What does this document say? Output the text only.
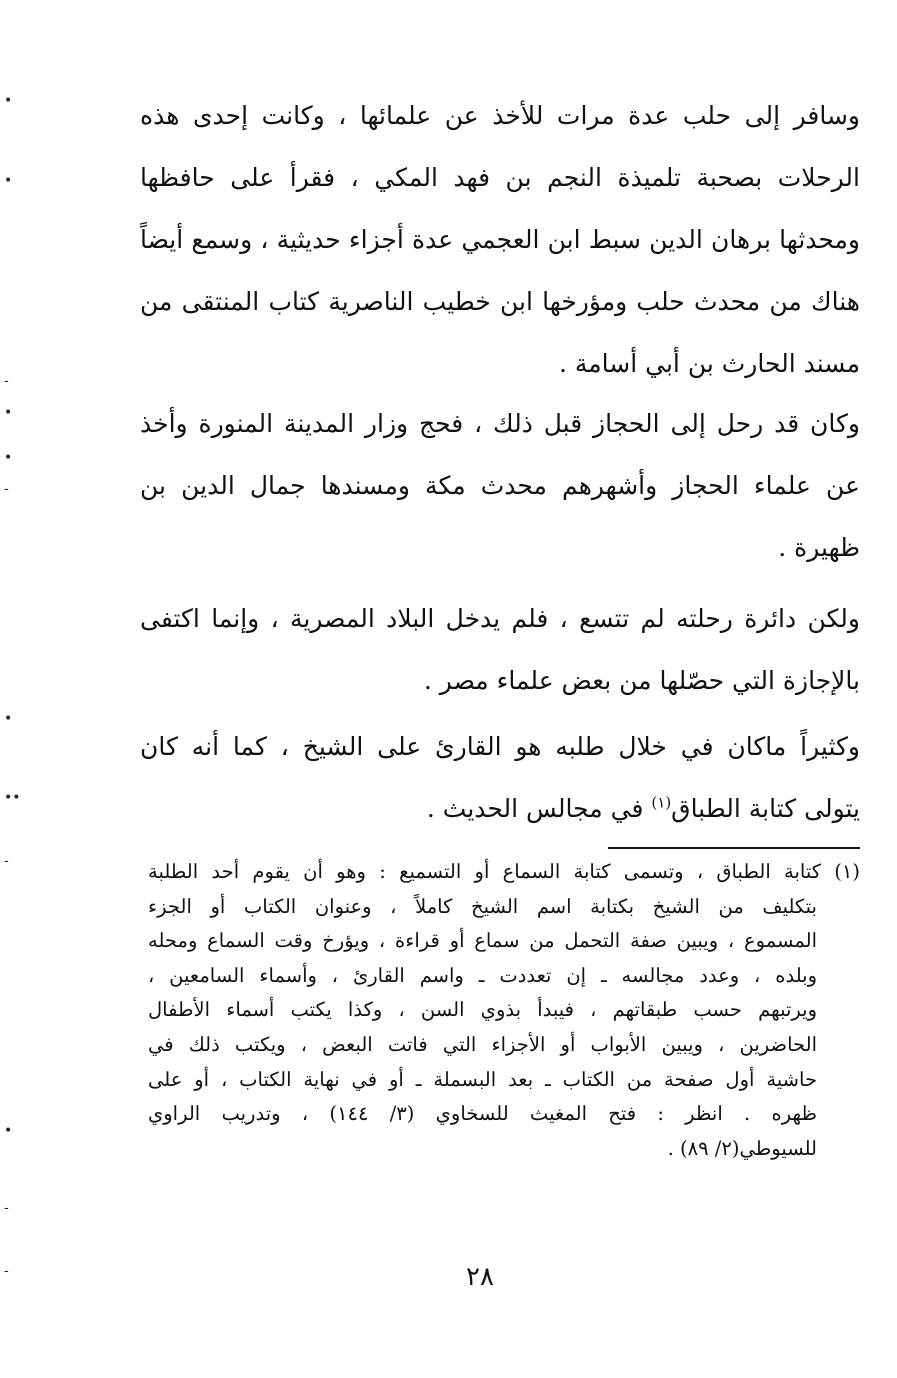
وسافر إلى حلب عدة مرات للأخذ عن علمائها ، وكانت إحدى هذه
الرحلات بصحبة تلميذة النجم بن فهد المكي ، فقرأ على حافظها
ومحدثها برهان الدين سبط ابن العجمي عدة أجزاء حديثية ، وسمع أيضاً
هناك من محدث حلب ومؤرخها ابن خطيب الناصرية كتاب المنتقى من
مسند الحارث بن أبي أسامة .
وكان قد رحل إلى الحجاز قبل ذلك ، فحج وزار المدينة المنورة وأخذ
عن علماء الحجاز وأشهرهم محدث مكة ومسندها جمال الدين بن
ظهيرة .
ولكن دائرة رحلته لم تتسع ، فلم يدخل البلاد المصرية ، وإنما اكتفى
بالإجازة التي حصّلها من بعض علماء مصر .
وكثيراً ماكان في خلال طلبه هو القارئ على الشيخ ، كما أنه كان
يتولى كتابة الطباق$^{(١)}$ في مجالس الحديث .
(١) كتابة الطباق ، وتسمى كتابة السماع أو التسميع : وهو أن يقوم أحد الطلبة
بتكليف من الشيخ بكتابة اسم الشيخ كاملاً ، وعنوان الكتاب أو الجزء
المسموع ، ويبين صفة التحمل من سماع أو قراءة ، ويؤرخ وقت السماع ومحله
وبلده ، وعدد مجالسه ـ إن تعددت ـ واسم القارئ ، وأسماء السامعين ،
ويرتبهم حسب طبقاتهم ، فيبدأ بذوي السن ، وكذا يكتب أسماء الأطفال
الحاضرين ، ويبين الأبواب أو الأجزاء التي فاتت البعض ، ويكتب ذلك في
حاشية أول صفحة من الكتاب ـ بعد البسملة ـ أو في نهاية الكتاب ، أو على
ظهره . انظر : فتح المغيث للسخاوي (٣/ ١٤٤) ، وتدريب الراوي
للسيوطي(٢/ ٨٩) .
٢٨
•
•
-
•
•
-
•
••
-
•
-
-
